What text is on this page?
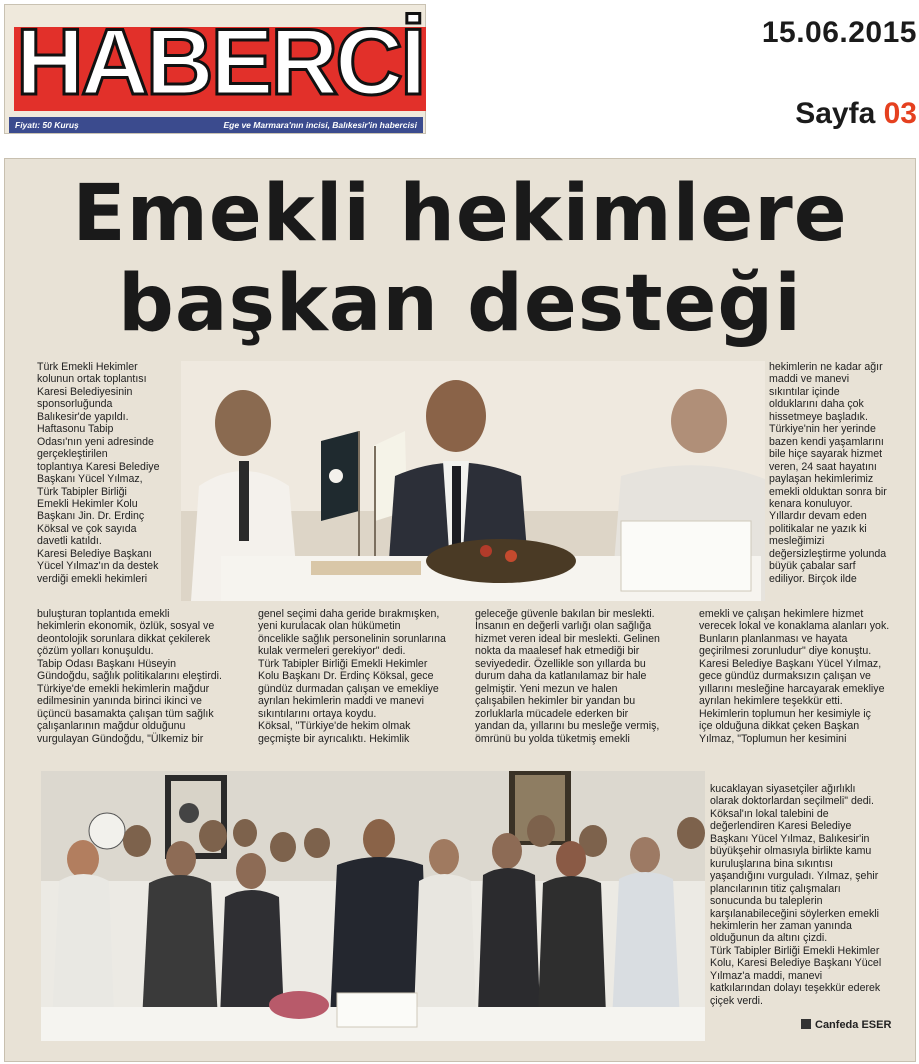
HABERCİ
Fiyatı: 50 Kuruş	Ege ve Marmara'nın incisi, Balıkesir'in habercisi
15.06.2015
Sayfa 03
Emekli hekimlere
başkan desteği
Türk Emekli Hekimler
kolunun ortak toplantısı
Karesi Belediyesinin
sponsorluğunda
Balıkesir'de yapıldı.
Haftasonu Tabip
Odası'nın yeni adresinde
gerçekleştirilen
toplantıya Karesi Belediye
Başkanı Yücel Yılmaz,
Türk Tabipler Birliği
Emekli Hekimler Kolu
Başkanı Jin. Dr. Erdinç
Köksal ve çok sayıda
davetli katıldı.
Karesi Belediye Başkanı
Yücel Yılmaz'ın da destek
verdiği emekli hekimleri
buluşturan toplantıda emekli
hekimlerin ekonomik, özlük, sosyal ve
deontolojik sorunlara dikkat çekilerek
çözüm yolları konuşuldu.
Tabip Odası Başkanı Hüseyin
Gündoğdu, sağlık politikalarını eleştirdi.
Türkiye'de emekli hekimlerin mağdur
edilmesinin yanında birinci ikinci ve
üçüncü basamakta çalışan tüm sağlık
çalışanlarının mağdur olduğunu
vurgulayan Gündoğdu, "Ülkemiz bir
genel seçimi daha geride bırakmışken,
yeni kurulacak olan hükümetin
öncelikle sağlık personelinin sorunlarına
kulak vermeleri gerekiyor" dedi.
Türk Tabipler Birliği Emekli Hekimler
Kolu Başkanı Dr. Erdinç Köksal, gece
gündüz durmadan çalışan ve emekliye
ayrılan hekimlerin maddi ve manevi
sıkıntılarını ortaya koydu.
Köksal, "Türkiye'de hekim olmak
geçmişte bir ayrıcalıktı. Hekimlik
geleceğe güvenle bakılan bir meslekti.
İnsanın en değerli varlığı olan sağlığa
hizmet veren ideal bir meslekti. Gelinen
nokta da maalesef hak etmediği bir
seviyededir. Özellikle son yıllarda bu
durum daha da katlanılamaz bir hale
gelmiştir. Yeni mezun ve halen
çalışabilen hekimler bir yandan bu
zorluklarla mücadele ederken bir
yandan da, yıllarını bu mesleğe vermiş,
ömrünü bu yolda tüketmiş emekli
hekimlerin ne kadar ağır
maddi ve manevi
sıkıntılar içinde
olduklarını daha çok
hissetmeye başladık.
Türkiye'nin her yerinde
bazen kendi yaşamlarını
bile hiçe sayarak hizmet
veren, 24 saat hayatını
paylaşan hekimlerimiz
emekli olduktan sonra bir
kenara konuluyor.
Yıllardır devam eden
politikalar ne yazık ki
mesleğimizi
değersizleştirme yolunda
büyük çabalar sarf
ediliyor. Birçok ilde
emekli ve çalışan hekimlere hizmet
verecek lokal ve konaklama alanları yok.
Bunların planlanması ve hayata
geçirilmesi zorunludur" diye konuştu.
Karesi Belediye Başkanı Yücel Yılmaz,
gece gündüz durmaksızın çalışan ve
yıllarını mesleğine harcayarak emekliye
ayrılan hekimlere teşekkür etti.
Hekimlerin toplumun her kesimiyle iç
içe olduğuna dikkat çeken Başkan
Yılmaz, "Toplumun her kesimini
kucaklayan siyasetçiler ağırlıklı
olarak doktorlardan seçilmeli" dedi.
Köksal'ın lokal talebini de
değerlendiren Karesi Belediye
Başkanı Yücel Yılmaz, Balıkesir'in
büyükşehir olmasıyla birlikte kamu
kuruluşlarına bina sıkıntısı
yaşandığını vurguladı. Yılmaz, şehir
plancılarının titiz çalışmaları
sonucunda bu taleplerin
karşılanabileceğini söylerken emekli
hekimlerin her zaman yanında
olduğunun da altını çizdi.
Türk Tabipler Birliği Emekli Hekimler
Kolu, Karesi Belediye Başkanı Yücel
Yılmaz'a maddi, manevi
katkılarından dolayı teşekkür ederek
çiçek verdi.
Canfeda ESER
